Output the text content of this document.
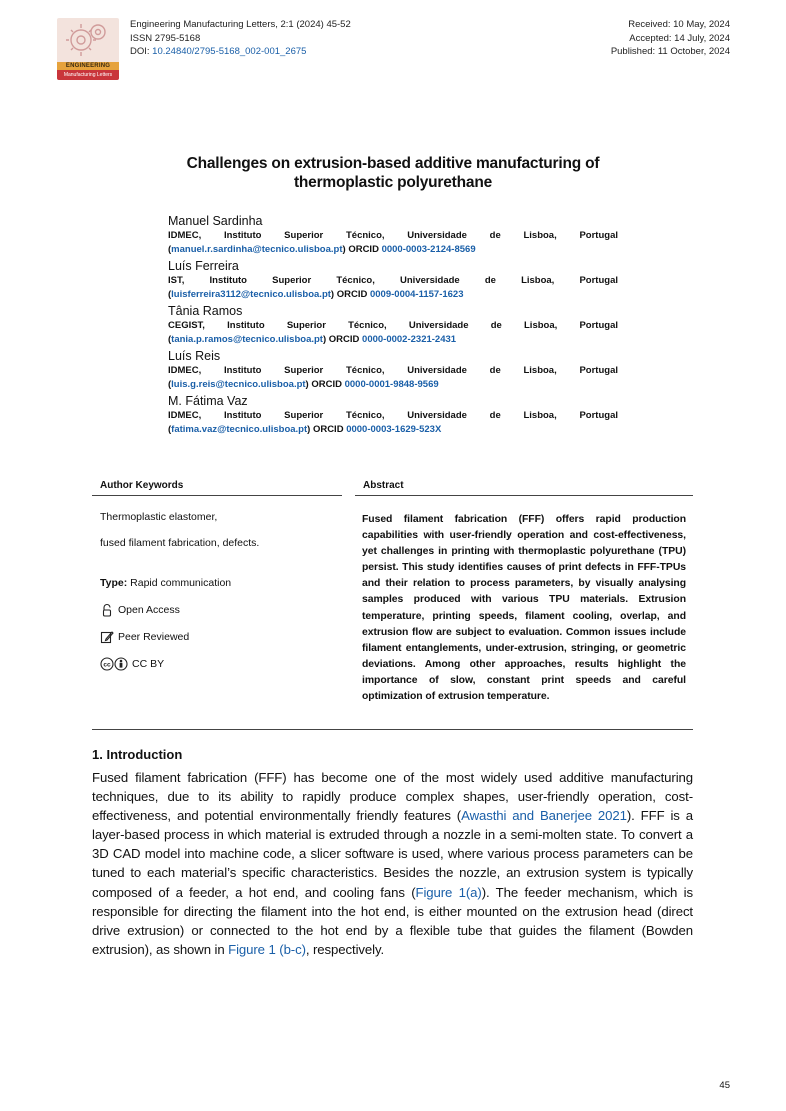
ENGINEERING
Manufacturing Letters
Engineering Manufacturing Letters, 2:1 (2024) 45-52
ISSN 2795-5168
DOI: 10.24840/2795-5168_002-001_2675
Received: 10 May, 2024
Accepted: 14 July, 2024
Published: 11 October, 2024
Challenges on extrusion-based additive manufacturing of
thermoplastic polyurethane
Manuel Sardinha
IDMEC, Instituto Superior Técnico, Universidade de Lisboa, Portugal
(manuel.r.sardinha@tecnico.ulisboa.pt) ORCID 0000-0003-2124-8569
Luís Ferreira
IST, Instituto Superior Técnico, Universidade de Lisboa, Portugal
(luisferreira3112@tecnico.ulisboa.pt) ORCID 0009-0004-1157-1623
Tânia Ramos
CEGIST, Instituto Superior Técnico, Universidade de Lisboa, Portugal
(tania.p.ramos@tecnico.ulisboa.pt) ORCID 0000-0002-2321-2431
Luís Reis
IDMEC, Instituto Superior Técnico, Universidade de Lisboa, Portugal
(luis.g.reis@tecnico.ulisboa.pt) ORCID 0000-0001-9848-9569
M. Fátima Vaz
IDMEC, Instituto Superior Técnico, Universidade de Lisboa, Portugal
(fatima.vaz@tecnico.ulisboa.pt) ORCID 0000-0003-1629-523X
Author Keywords	Abstract

Thermoplastic elastomer,

fused filament fabrication, defects.

Type: Rapid communication
Open Access
Peer Reviewed
cc CC BY
Fused filament fabrication (FFF) offers rapid production capabilities with user-friendly operation and cost-effectiveness, yet challenges in printing with thermoplastic polyurethane (TPU) persist. This study identifies causes of print defects in FFF-TPUs and their relation to process parameters, by visually analysing samples produced with various TPU materials. Extrusion temperature, printing speeds, filament cooling, overlap, and extrusion flow are subject to evaluation. Common issues include filament entanglements, under-extrusion, stringing, or geometric deviations. Among other approaches, results highlight the importance of slow, constant print speeds and careful optimization of extrusion temperature.
1. Introduction
Fused filament fabrication (FFF) has become one of the most widely used additive manufacturing techniques, due to its ability to rapidly produce complex shapes, user-friendly operation, cost-effectiveness, and potential environmentally friendly features (Awasthi and Banerjee 2021). FFF is a layer-based process in which material is extruded through a nozzle in a semi-molten state. To convert a 3D CAD model into machine code, a slicer software is used, where various process parameters can be tuned to each material’s specific characteristics. Besides the nozzle, an extrusion system is typically composed of a feeder, a hot end, and cooling fans (Figure 1(a)). The feeder mechanism, which is responsible for directing the filament into the hot end, is either mounted on the extrusion head (direct drive extrusion) or connected to the hot end by a flexible tube that guides the filament (Bowden extrusion), as shown in Figure 1 (b-c), respectively.
45
